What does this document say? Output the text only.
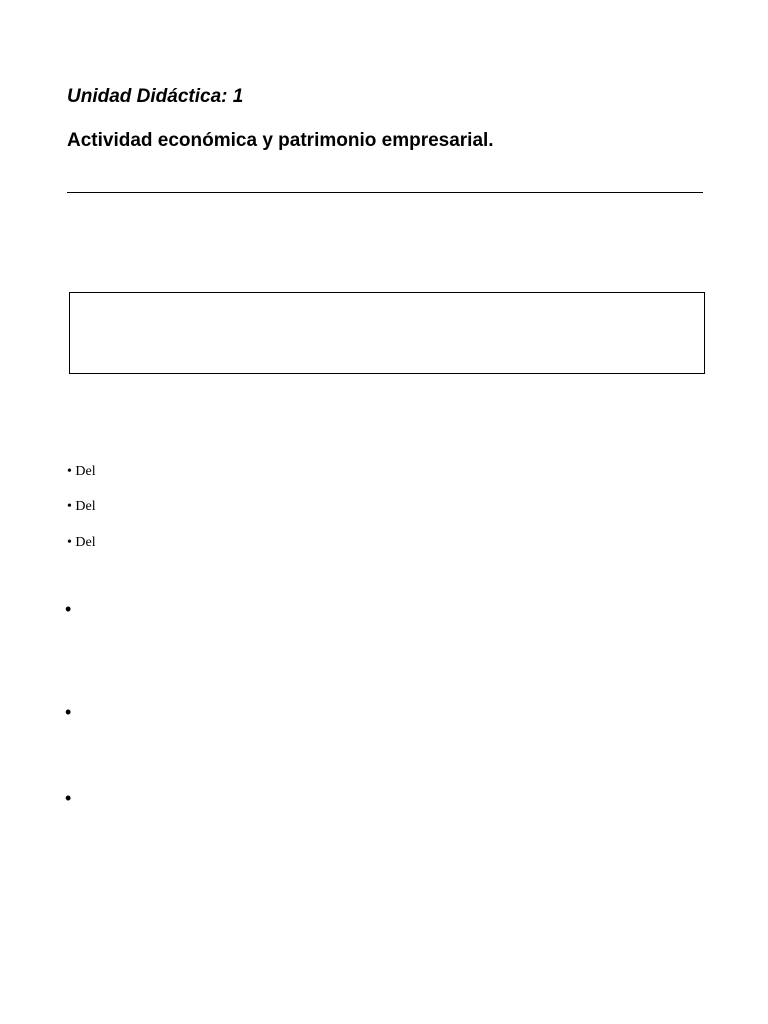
Unidad Didáctica: 1
Actividad económica y patrimonio empresarial.
• Del
• Del
• Del
•
•
•
